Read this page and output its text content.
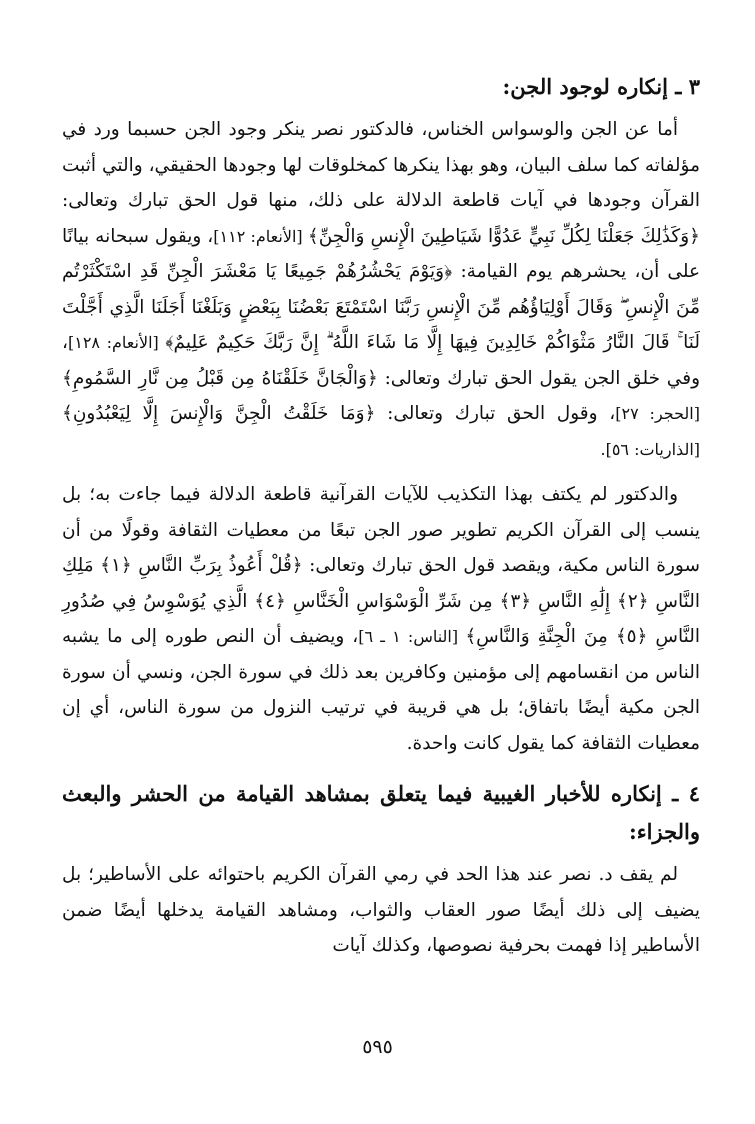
٣ ـ إنكاره لوجود الجن:

أما عن الجن والوسواس الخناس، فالدكتور نصر ينكر وجود الجن حسبما ورد في مؤلفاته كما سلف البيان، وهو بهذا ينكرها كمخلوقات لها وجودها الحقيقي، والتي أثبت القرآن وجودها في آيات قاطعة الدلالة على ذلك، منها قول الحق تبارك وتعالى: ﴿وَكَذَٰلِكَ جَعَلْنَا لِكُلِّ نَبِيٍّ عَدُوًّا شَيَاطِينَ الْإِنسِ وَالْجِنِّ﴾ [الأنعام: ١١٢]، ويقول سبحانه بيانًا على أن، يحشرهم يوم القيامة: ﴿وَيَوْمَ يَحْشُرُهُمْ جَمِيعًا يَا مَعْشَرَ الْجِنِّ قَدِ اسْتَكْثَرْتُم مِّنَ الْإِنسِ ۖ وَقَالَ أَوْلِيَاؤُهُم مِّنَ الْإِنسِ رَبَّنَا اسْتَمْتَعَ بَعْضُنَا بِبَعْضٍ وَبَلَغْنَا أَجَلَنَا الَّذِي أَجَّلْتَ لَنَا ۚ قَالَ النَّارُ مَثْوَاكُمْ خَالِدِينَ فِيهَا إِلَّا مَا شَاءَ اللَّهُ ۗ إِنَّ رَبَّكَ حَكِيمٌ عَلِيمٌ﴾ [الأنعام: ١٢٨]، وفي خلق الجن يقول الحق تبارك وتعالى: ﴿وَالْجَانَّ خَلَقْنَاهُ مِن قَبْلُ مِن نَّارِ السَّمُومِ﴾ [الحجر: ٢٧]، وقول الحق تبارك وتعالى: ﴿وَمَا خَلَقْتُ الْجِنَّ وَالْإِنسَ إِلَّا لِيَعْبُدُونِ﴾ [الذاريات: ٥٦].

والدكتور لم يكتف بهذا التكذيب للآيات القرآنية قاطعة الدلالة فيما جاءت به؛ بل ينسب إلى القرآن الكريم تطوير صور الجن تبعًا من معطيات الثقافة وقولًا من أن سورة الناس مكية، ويقصد قول الحق تبارك وتعالى: ﴿قُلْ أَعُوذُ بِرَبِّ النَّاسِ ﴿١﴾ مَلِكِ النَّاسِ ﴿٢﴾ إِلَٰهِ النَّاسِ ﴿٣﴾ مِن شَرِّ الْوَسْوَاسِ الْخَنَّاسِ ﴿٤﴾ الَّذِي يُوَسْوِسُ فِي صُدُورِ النَّاسِ ﴿٥﴾ مِنَ الْجِنَّةِ وَالنَّاسِ﴾ [الناس: ١ ـ ٦]، ويضيف أن النص طوره إلى ما يشبه الناس من انقسامهم إلى مؤمنين وكافرين بعد ذلك في سورة الجن، ونسي أن سورة الجن مكية أيضًا باتفاق؛ بل هي قريبة في ترتيب النزول من سورة الناس، أي إن معطيات الثقافة كما يقول كانت واحدة.

٤ ـ إنكاره للأخبار الغيبية فيما يتعلق بمشاهد القيامة من الحشر والبعث والجزاء:

لم يقف د. نصر عند هذا الحد في رمي القرآن الكريم باحتوائه على الأساطير؛ بل يضيف إلى ذلك أيضًا صور العقاب والثواب، ومشاهد القيامة يدخلها أيضًا ضمن الأساطير إذا فهمت بحرفية نصوصها، وكذلك آيات

٥٩٥
